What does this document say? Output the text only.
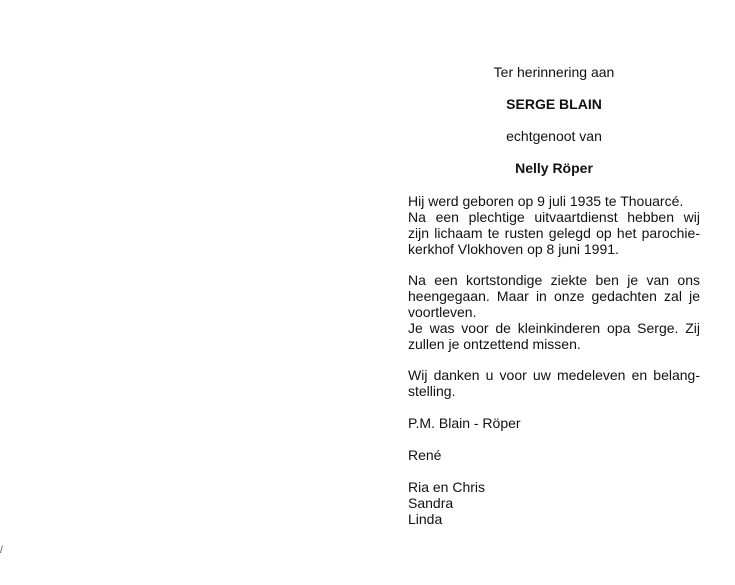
Ter herinnering aan
SERGE BLAIN
echtgenoot van
Nelly Röper
Hij werd geboren op 9 juli 1935 te Thouarcé.
Na een plechtige uitvaartdienst hebben wij
zijn lichaam te rusten gelegd op het parochie-
kerkhof Vlokhoven op 8 juni 1991.
Na een kortstondige ziekte ben je van ons
heengegaan. Maar in onze gedachten zal je
voortleven.
Je was voor de kleinkinderen opa Serge. Zij
zullen je ontzettend missen.
Wij danken u voor uw medeleven en belang-
stelling.
P.M. Blain - Röper
René
Ria en Chris
Sandra
Linda
/
